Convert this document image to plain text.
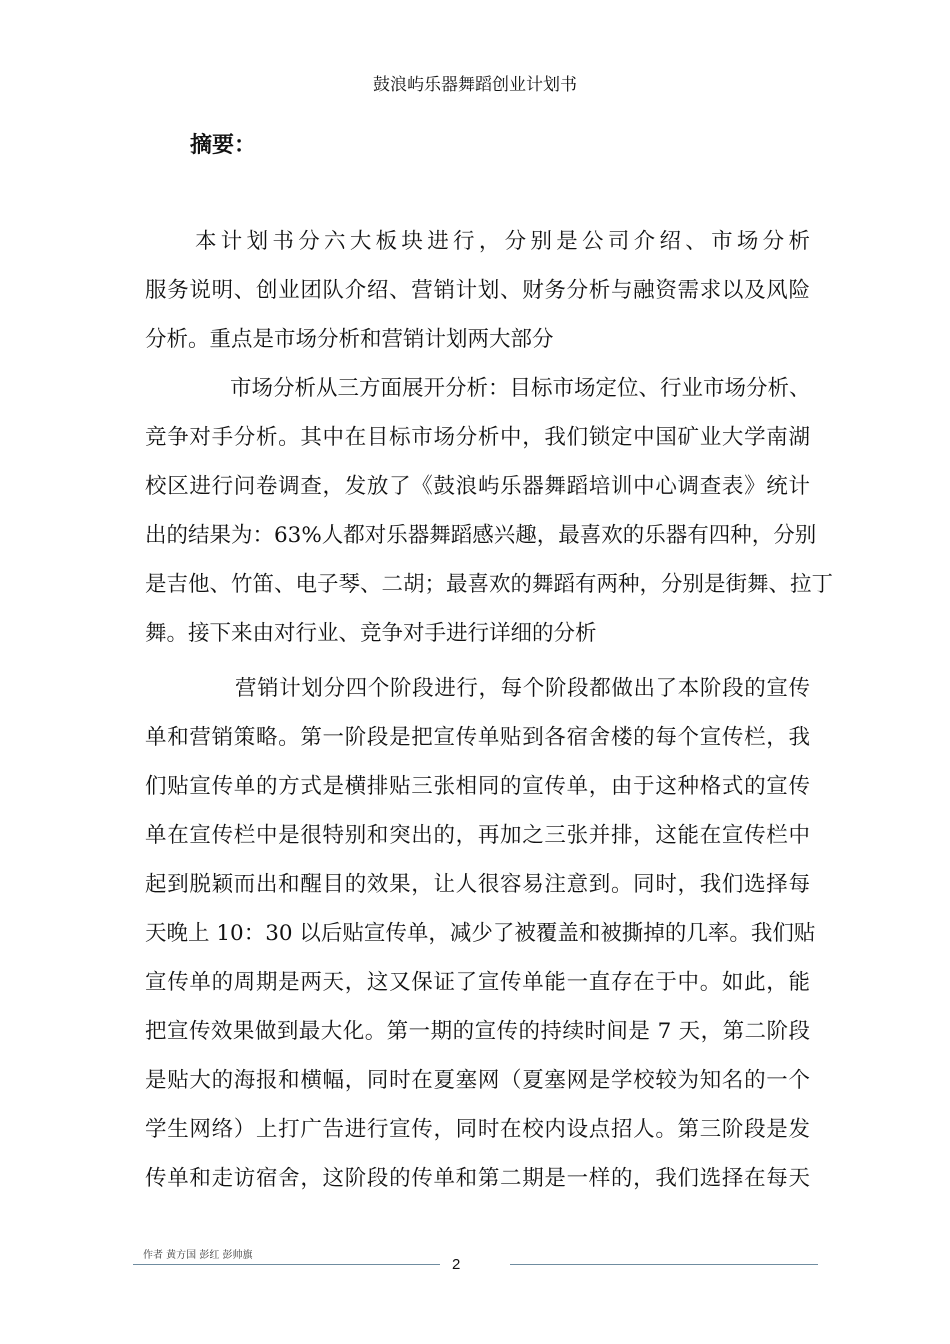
鼓浪屿乐器舞蹈创业计划书
摘要：
本计划书分六大板块进行，分别是公司介绍、市场分析
服务说明、创业团队介绍、营销计划、财务分析与融资需求以及风险
分析。重点是市场分析和营销计划两大部分
市场分析从三方面展开分析：目标市场定位、行业市场分析、
竞争对手分析。其中在目标市场分析中，我们锁定中国矿业大学南湖
校区进行问卷调查，发放了《鼓浪屿乐器舞蹈培训中心调查表》统计
出的结果为：63%人都对乐器舞蹈感兴趣，最喜欢的乐器有四种，分别
是吉他、竹笛、电子琴、二胡；最喜欢的舞蹈有两种，分别是街舞、拉丁
舞。接下来由对行业、竞争对手进行详细的分析
营销计划分四个阶段进行，每个阶段都做出了本阶段的宣传
单和营销策略。第一阶段是把宣传单贴到各宿舍楼的每个宣传栏，我
们贴宣传单的方式是横排贴三张相同的宣传单，由于这种格式的宣传
单在宣传栏中是很特别和突出的，再加之三张并排，这能在宣传栏中
起到脱颖而出和醒目的效果，让人很容易注意到。同时，我们选择每
天晚上 10：30 以后贴宣传单，减少了被覆盖和被撕掉的几率。我们贴
宣传单的周期是两天，这又保证了宣传单能一直存在于中。如此，能
把宣传效果做到最大化。第一期的宣传的持续时间是 7 天，第二阶段
是贴大的海报和横幅，同时在夏塞网（夏塞网是学校较为知名的一个
学生网络）上打广告进行宣传，同时在校内设点招人。第三阶段是发
传单和走访宿舍，这阶段的传单和第二期是一样的，我们选择在每天
作者 黄方国 彭红 彭帅旗
2
